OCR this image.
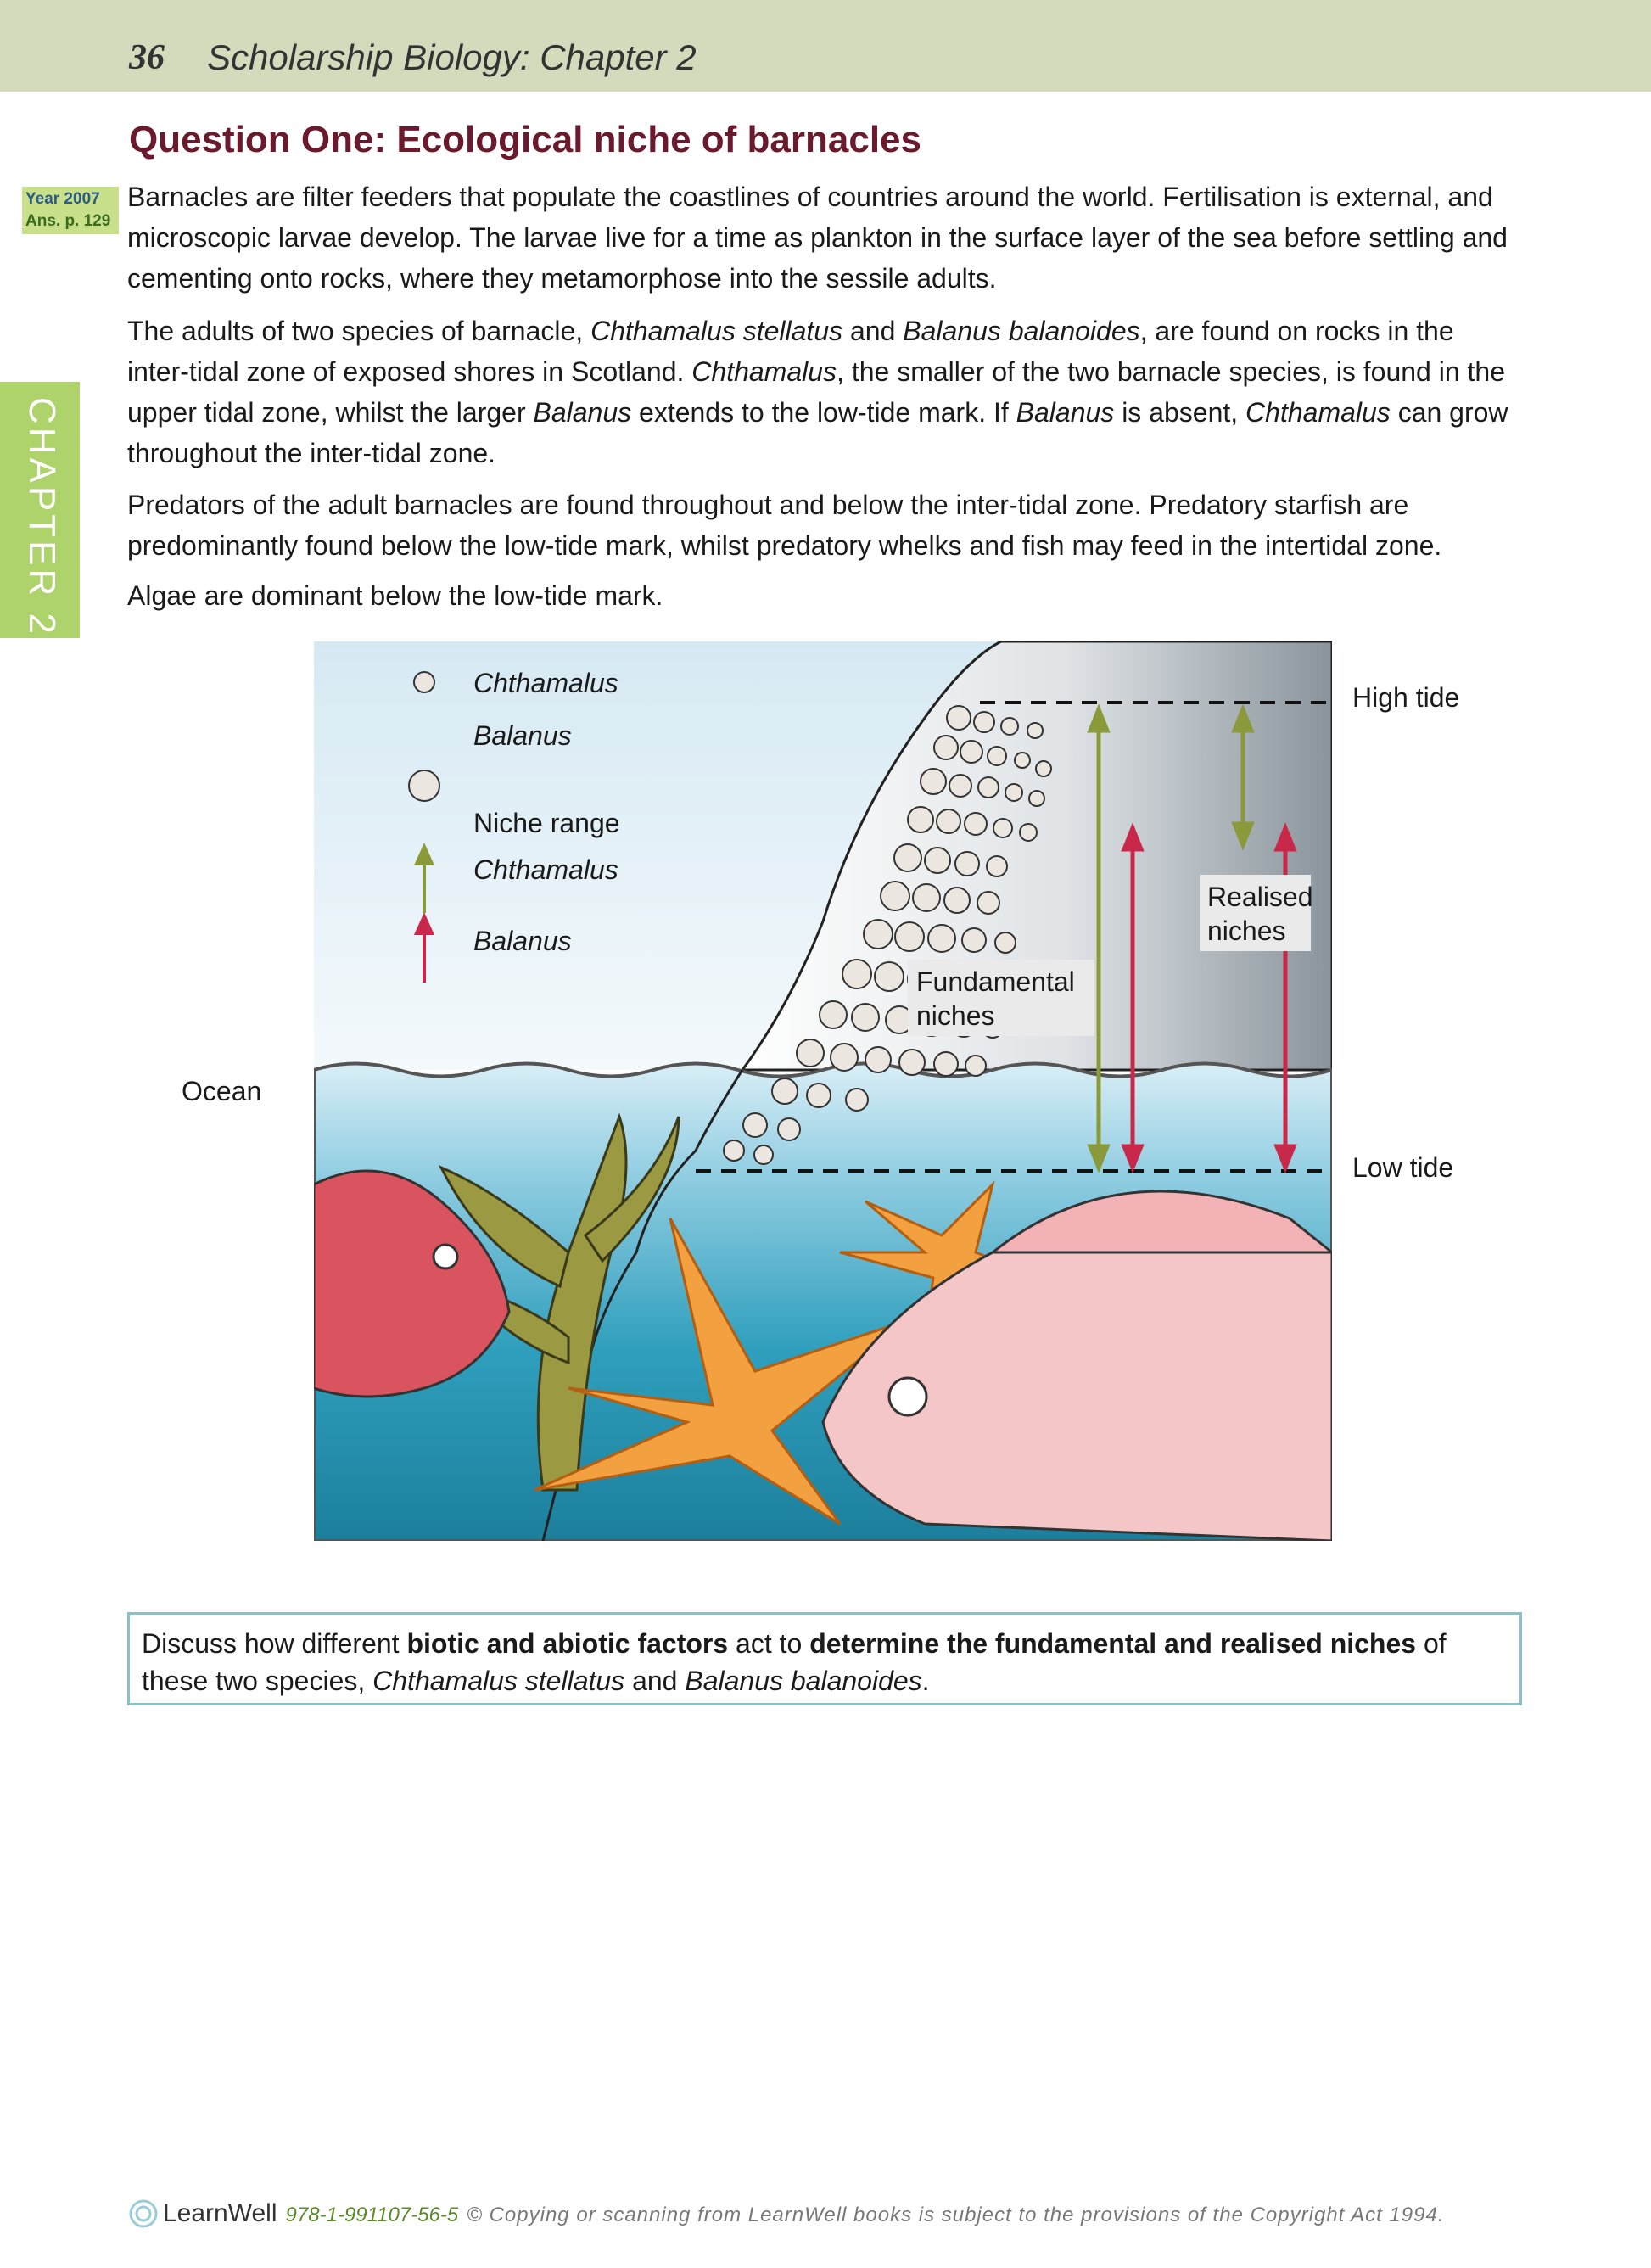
36 Scholarship Biology: Chapter 2
Question One: Ecological niche of barnacles
Year 2007
Ans. p. 129
CHAPTER 2

Barnacles are filter feeders that populate the coastlines of countries around the world. Fertilisation is external, and microscopic larvae develop. The larvae live for a time as plankton in the surface layer of the sea before settling and cementing onto rocks, where they metamorphose into the sessile adults.

The adults of two species of barnacle, Chthamalus stellatus and Balanus balanoides, are found on rocks in the inter-tidal zone of exposed shores in Scotland. Chthamalus, the smaller of the two barnacle species, is found in the upper tidal zone, whilst the larger Balanus extends to the low-tide mark. If Balanus is absent, Chthamalus can grow throughout the inter-tidal zone.

Predators of the adult barnacles are found throughout and below the inter-tidal zone. Predatory starfish are predominantly found below the low-tide mark, whilst predatory whelks and fish may feed in the intertidal zone.

Algae are dominant below the low-tide mark.

Fundamental
niches
Realised
niches
Chthamalus
Balanus
Niche range
Chthamalus
Balanus
High tide
Low tide
Ocean
Discuss how different biotic and abiotic factors act to determine the fundamental and realised niches of these two species, Chthamalus stellatus and Balanus balanoides.
LearnWell 978-1-991107-56-5 © Copying or scanning from LearnWell books is subject to the provisions of the Copyright Act 1994.
